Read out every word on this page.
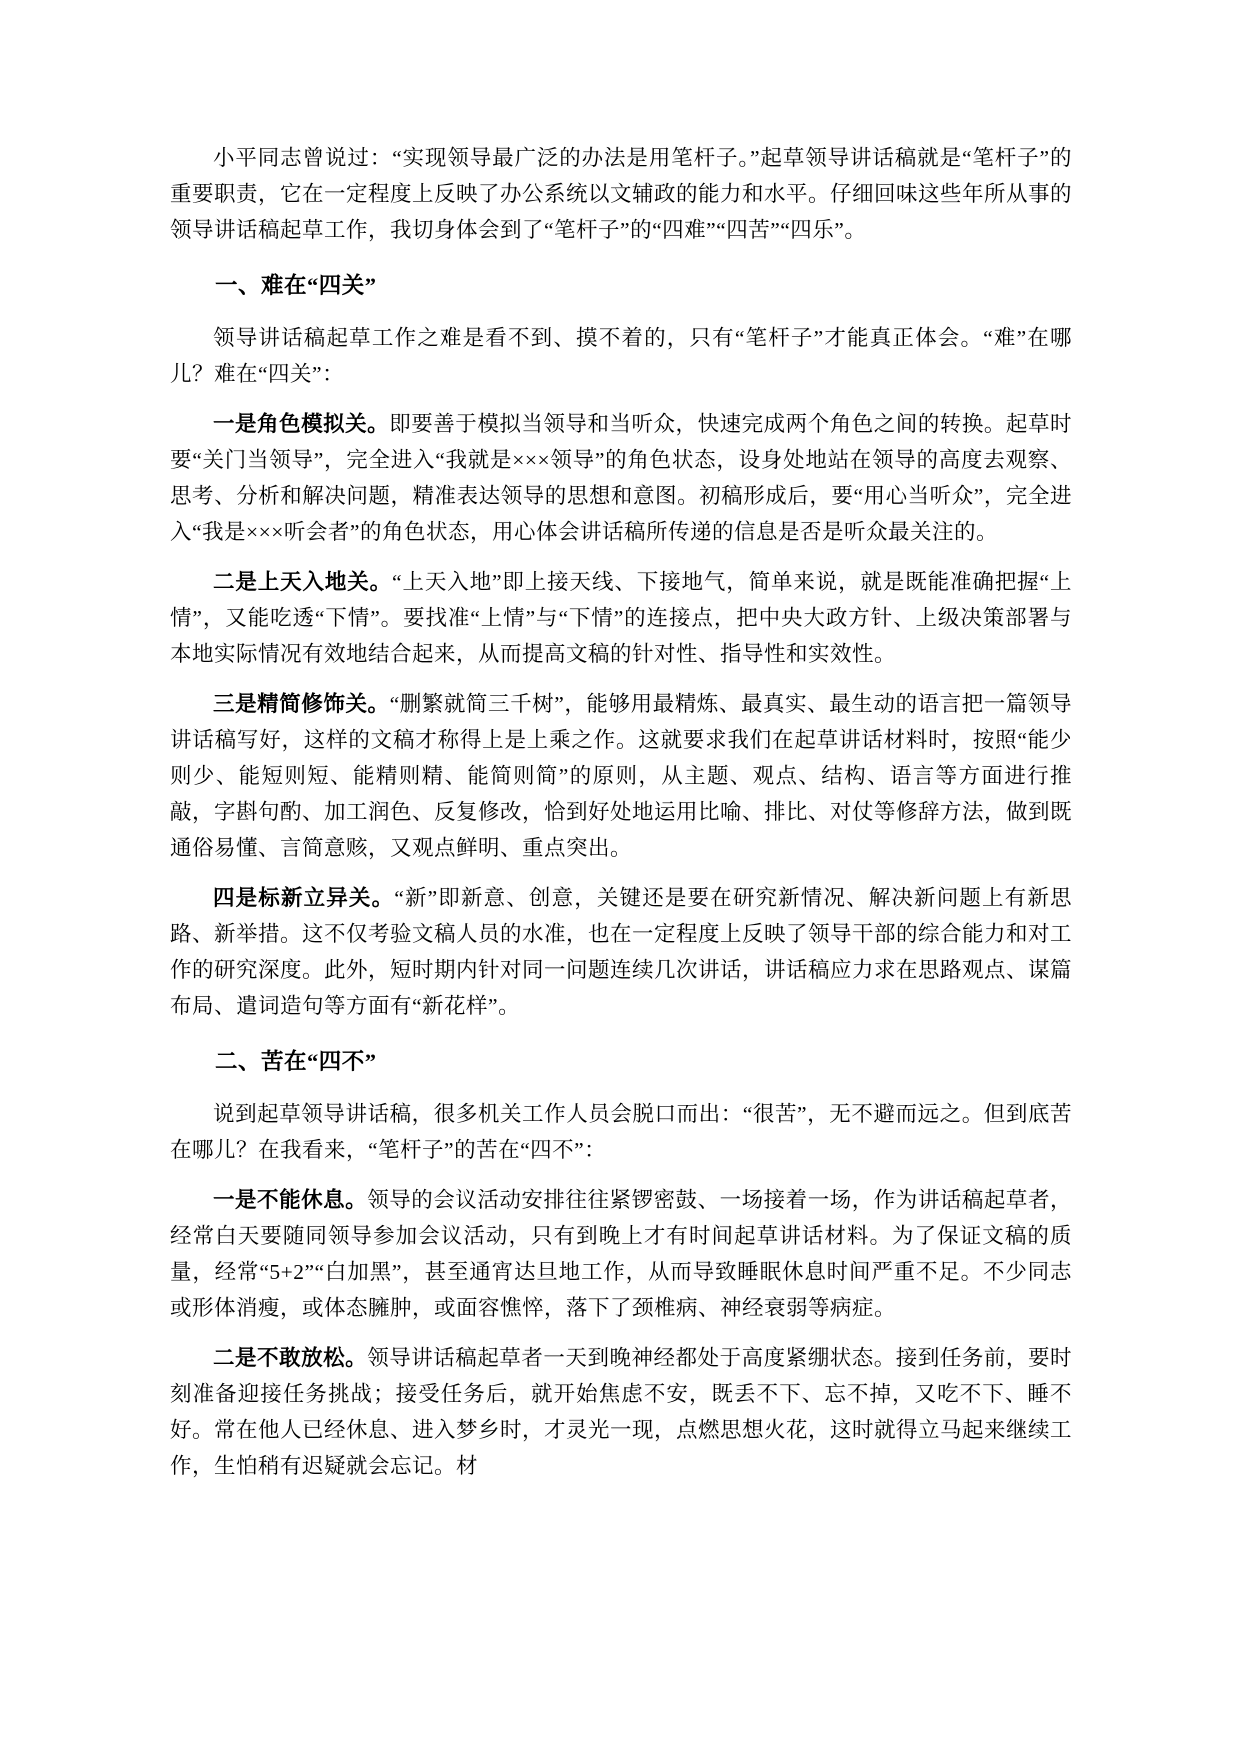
小平同志曾说过：“实现领导最广泛的办法是用笔杆子。”起草领导讲话稿就是“笔杆子”的重要职责，它在一定程度上反映了办公系统以文辅政的能力和水平。仔细回味这些年所从事的领导讲话稿起草工作，我切身体会到了“笔杆子”的“四难”“四苦”“四乐”。

一、难在“四关”

领导讲话稿起草工作之难是看不到、摸不着的，只有“笔杆子”才能真正体会。“难”在哪儿？难在“四关”：

一是角色模拟关。即要善于模拟当领导和当听众，快速完成两个角色之间的转换。起草时要“关门当领导”，完全进入“我就是×××领导”的角色状态，设身处地站在领导的高度去观察、思考、分析和解决问题，精准表达领导的思想和意图。初稿形成后，要“用心当听众”，完全进入“我是×××听会者”的角色状态，用心体会讲话稿所传递的信息是否是听众最关注的。

二是上天入地关。“上天入地”即上接天线、下接地气，简单来说，就是既能准确把握“上情”，又能吃透“下情”。要找准“上情”与“下情”的连接点，把中央大政方针、上级决策部署与本地实际情况有效地结合起来，从而提高文稿的针对性、指导性和实效性。

三是精简修饰关。“删繁就简三千树”，能够用最精炼、最真实、最生动的语言把一篇领导讲话稿写好，这样的文稿才称得上是上乘之作。这就要求我们在起草讲话材料时，按照“能少则少、能短则短、能精则精、能简则简”的原则，从主题、观点、结构、语言等方面进行推敲，字斟句酌、加工润色、反复修改，恰到好处地运用比喻、排比、对仗等修辞方法，做到既通俗易懂、言简意赅，又观点鲜明、重点突出。

四是标新立异关。“新”即新意、创意，关键还是要在研究新情况、解决新问题上有新思路、新举措。这不仅考验文稿人员的水准，也在一定程度上反映了领导干部的综合能力和对工作的研究深度。此外，短时期内针对同一问题连续几次讲话，讲话稿应力求在思路观点、谋篇布局、遣词造句等方面有“新花样”。

二、苦在“四不”

说到起草领导讲话稿，很多机关工作人员会脱口而出：“很苦”，无不避而远之。但到底苦在哪儿？在我看来，“笔杆子”的苦在“四不”：

一是不能休息。领导的会议活动安排往往紧锣密鼓、一场接着一场，作为讲话稿起草者，经常白天要随同领导参加会议活动，只有到晚上才有时间起草讲话材料。为了保证文稿的质量，经常“5+2”“白加黑”，甚至通宵达旦地工作，从而导致睡眠休息时间严重不足。不少同志或形体消瘦，或体态臃肿，或面容憔悴，落下了颈椎病、神经衰弱等病症。

二是不敢放松。领导讲话稿起草者一天到晚神经都处于高度紧绷状态。接到任务前，要时刻准备迎接任务挑战；接受任务后，就开始焦虑不安，既丢不下、忘不掉，又吃不下、睡不好。常在他人已经休息、进入梦乡时，才灵光一现，点燃思想火花，这时就得立马起来继续工作，生怕稍有迟疑就会忘记。材
